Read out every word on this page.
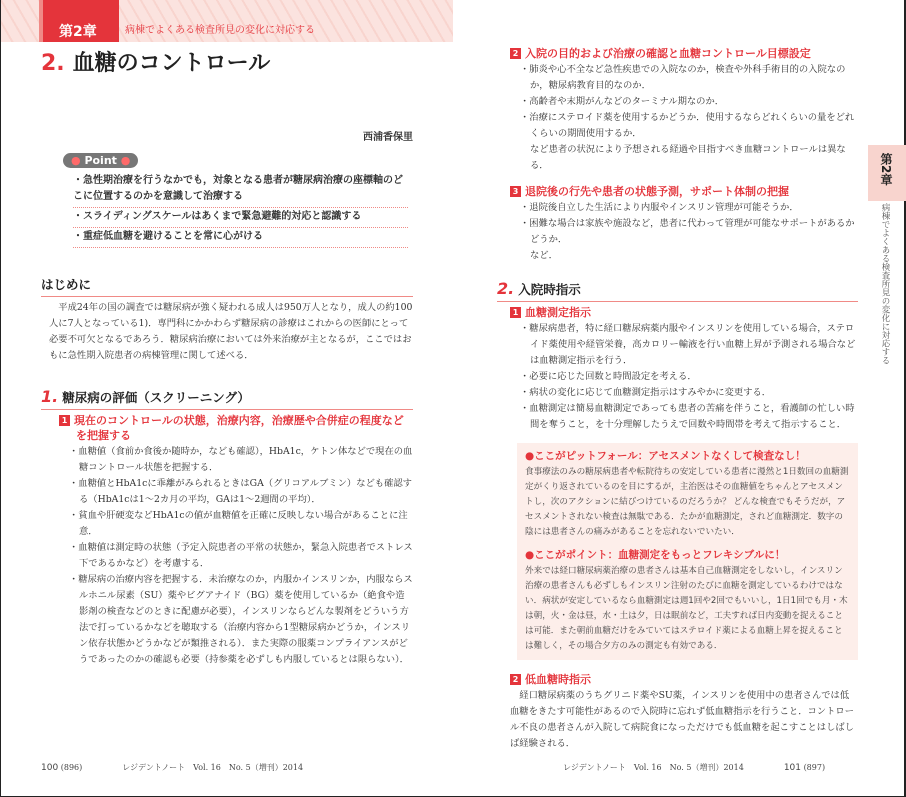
第2章	病棟でよくある検査所見の変化に対応する
2. 血糖のコントロール
西浦香保里
● Point ●
・急性期治療を行うなかでも，対象となる患者が糖尿病治療の座標軸のどこに位置するのかを意識して治療する
・スライディングスケールはあくまで緊急避難的対応と認識する
・重症低血糖を避けることを常に心がける
はじめに
平成24年の国の調査では糖尿病が強く疑われる成人は950万人となり，成人の約100人に7人となっている1)．専門科にかかわらず糖尿病の診療はこれからの医師にとって必要不可欠となるであろう．糖尿病治療においては外来治療が主となるが，ここではおもに急性期入院患者の病棟管理に関して述べる．
1. 糖尿病の評価（スクリーニング）
1 現在のコントロールの状態，治療内容，治療歴や合併症の程度などを把握する
・血糖値（食前か食後か随時か，なども確認），HbA1c，ケトン体などで現在の血糖コントロール状態を把握する．
・血糖値とHbA1cに乖離がみられるときはGA（グリコアルブミン）なども確認する（HbA1cは1～2カ月の平均，GAは1～2週間の平均）．
・貧血や肝硬変などHbA1cの値が血糖値を正確に反映しない場合があることに注意．
・血糖値は測定時の状態（予定入院患者の平常の状態か，緊急入院患者でストレス下であるかなど）を考慮する．
・糖尿病の治療内容を把握する．未治療なのか，内服かインスリンか，内服ならスルホニル尿素（SU）薬やビグアナイド（BG）薬を使用しているか（絶食や造影剤の検査などのときに配慮が必要），インスリンならどんな製剤をどういう方法で打っているかなどを聴取する（治療内容から1型糖尿病かどうか，インスリン依存状態かどうかなどが類推される）．また実際の服薬コンプライアンスがどうであったのかの確認も必要（持参薬を必ずしも内服しているとは限らない）．
100 (896)	レジデントノート　Vol. 16　No. 5（増刊）2014
2 入院の目的および治療の確認と血糖コントロール目標設定
・肺炎や心不全など急性疾患での入院なのか，検査や外科手術目的の入院なのか，糖尿病教育目的なのか．
・高齢者や末期がんなどのターミナル期なのか．
・治療にステロイド薬を使用するかどうか．使用するならどれくらいの量をどれくらいの期間使用するか．
など患者の状況により予想される経過や目指すべき血糖コントロールは異なる．
3 退院後の行先や患者の状態予測，サポート体制の把握
・退院後自立した生活により内服やインスリン管理が可能そうか．
・困難な場合は家族や施設など，患者に代わって管理が可能なサポートがあるかどうか．
など．
2. 入院時指示
1 血糖測定指示
・糖尿病患者，特に経口糖尿病薬内服やインスリンを使用している場合，ステロイド薬使用や経管栄養，高カロリー輸液を行い血糖上昇が予測される場合などは血糖測定指示を行う．
・必要に応じた回数と時間設定を考える．
・病状の変化に応じて血糖測定指示はすみやかに変更する．
・血糖測定は簡易血糖測定であっても患者の苦痛を伴うこと，看護師の忙しい時間を奪うこと，を十分理解したうえで回数や時間帯を考えて指示すること．
●ここがピットフォール：アセスメントなくして検査なし！

食事療法のみの糖尿病患者や転院待ちの安定している患者に漫然と1日数回の血糖測定がくり返されているのを目にするが，主治医はその血糖値をちゃんとアセスメントし，次のアクションに結びつけているのだろうか？ どんな検査でもそうだが，アセスメントされない検査は無駄である．たかが血糖測定，されど血糖測定．数字の陰には患者さんの痛みがあることを忘れないでいたい．

●ここがポイント：血糖測定をもっとフレキシブルに！

外来では経口糖尿病薬治療の患者さんは基本自己血糖測定をしないし，インスリン治療の患者さんも必ずしもインスリン注射のたびに血糖を測定しているわけではない．病状が安定しているなら血糖測定は週1回や2回でもいいし，1日1回でも月・木は朝，火・金は昼，水・土は夕，日は眠前など，工夫すれば日内変動を捉えることは可能．また朝前血糖だけをみていてはステロイド薬による血糖上昇を捉えることは難しく，その場合夕方のみの測定も有効である．

2 低血糖時指示
経口糖尿病薬のうちグリニド薬やSU薬，インスリンを使用中の患者さんでは低血糖をきたす可能性があるので入院時に忘れず低血糖指示を行うこと．コントロール不良の患者さんが入院して病院食になっただけでも低血糖を起こすことはしばしば経験される．
レジデントノート　Vol. 16　No. 5（増刊）2014	101 (897)
第2章
病棟でよくある検査所見の変化に対応する
